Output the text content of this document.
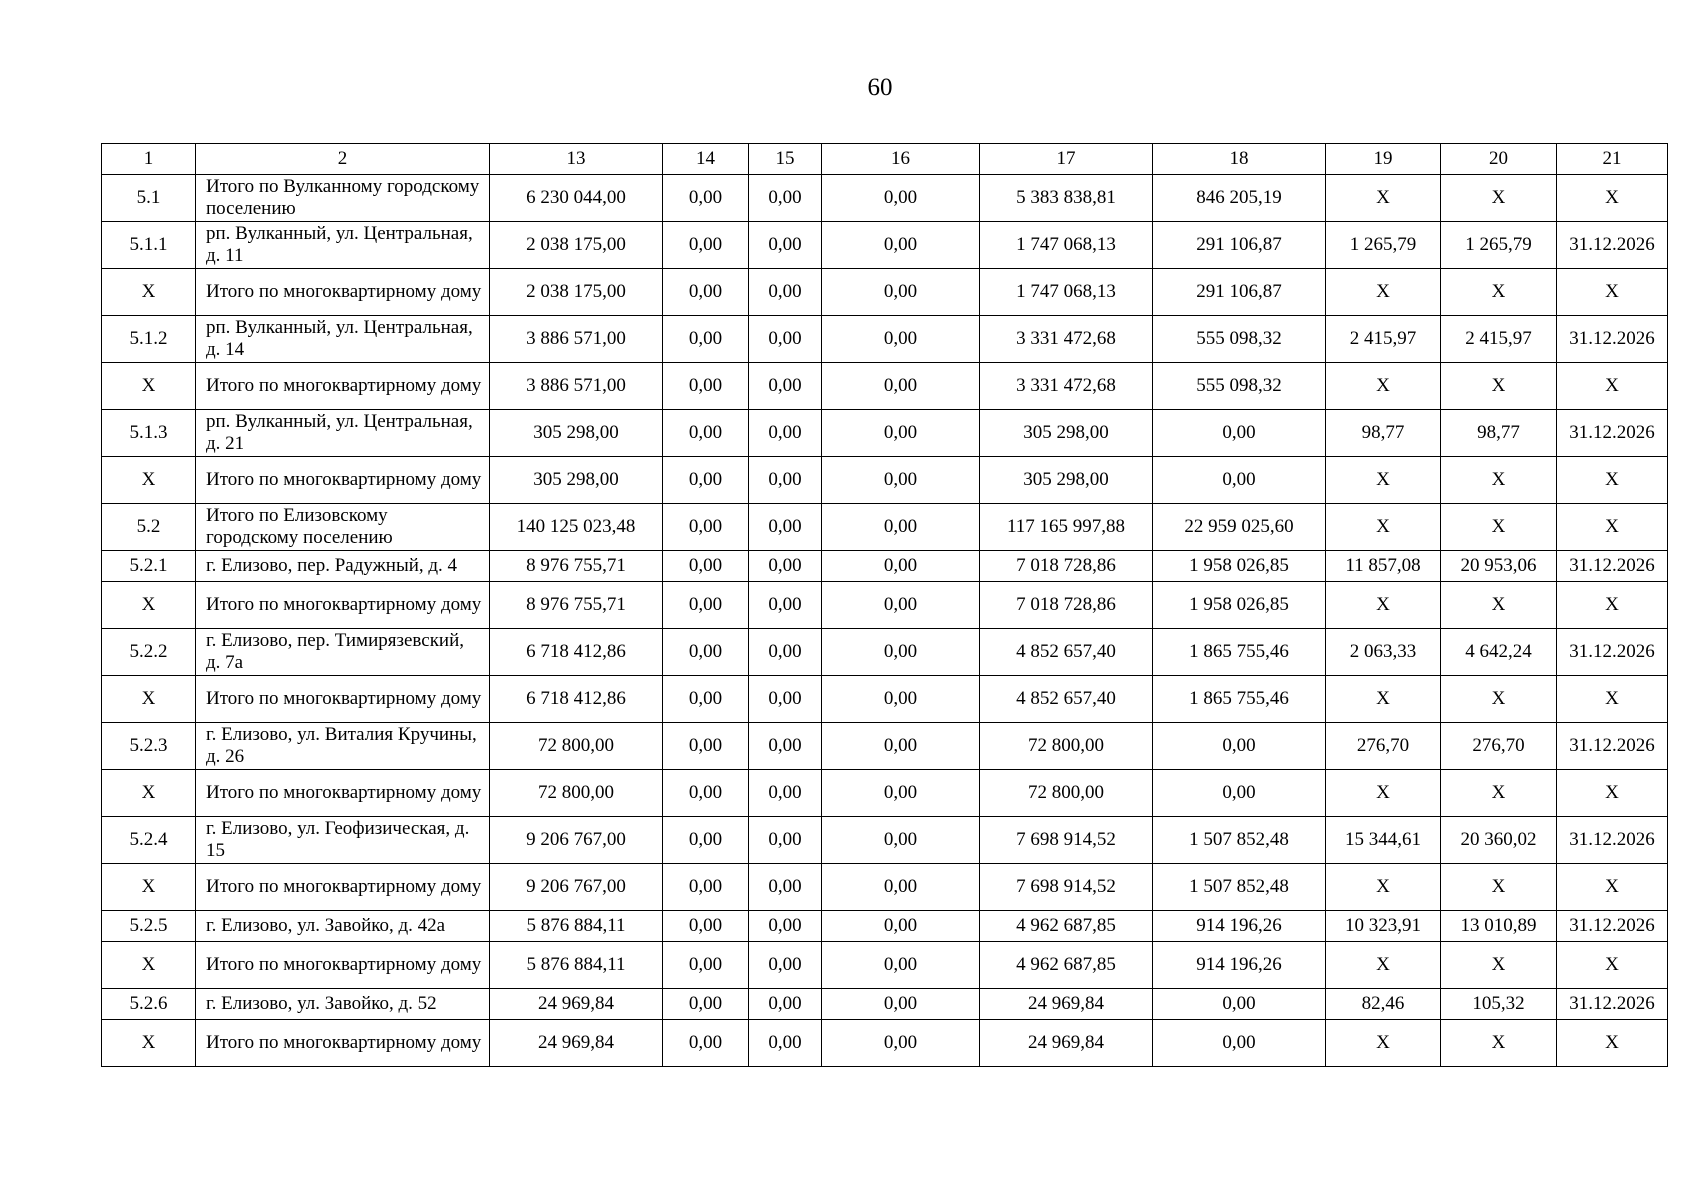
60
1	2	13	14	15	16	17	18	19	20	21
5.1	Итого по Вулканному городскому поселению	6 230 044,00	0,00	0,00	0,00	5 383 838,81	846 205,19	Х	Х	Х
5.1.1	рп. Вулканный, ул. Центральная, д. 11	2 038 175,00	0,00	0,00	0,00	1 747 068,13	291 106,87	1 265,79	1 265,79	31.12.2026
Х	Итого по многоквартирному дому	2 038 175,00	0,00	0,00	0,00	1 747 068,13	291 106,87	Х	Х	Х
5.1.2	рп. Вулканный, ул. Центральная, д. 14	3 886 571,00	0,00	0,00	0,00	3 331 472,68	555 098,32	2 415,97	2 415,97	31.12.2026
Х	Итого по многоквартирному дому	3 886 571,00	0,00	0,00	0,00	3 331 472,68	555 098,32	Х	Х	Х
5.1.3	рп. Вулканный, ул. Центральная, д. 21	305 298,00	0,00	0,00	0,00	305 298,00	0,00	98,77	98,77	31.12.2026
Х	Итого по многоквартирному дому	305 298,00	0,00	0,00	0,00	305 298,00	0,00	Х	Х	Х
5.2	Итого по Елизовскому городскому поселению	140 125 023,48	0,00	0,00	0,00	117 165 997,88	22 959 025,60	Х	Х	Х
5.2.1	г. Елизово, пер. Радужный, д. 4	8 976 755,71	0,00	0,00	0,00	7 018 728,86	1 958 026,85	11 857,08	20 953,06	31.12.2026
Х	Итого по многоквартирному дому	8 976 755,71	0,00	0,00	0,00	7 018 728,86	1 958 026,85	Х	Х	Х
5.2.2	г. Елизово, пер. Тимирязевский, д. 7а	6 718 412,86	0,00	0,00	0,00	4 852 657,40	1 865 755,46	2 063,33	4 642,24	31.12.2026
Х	Итого по многоквартирному дому	6 718 412,86	0,00	0,00	0,00	4 852 657,40	1 865 755,46	Х	Х	Х
5.2.3	г. Елизово, ул. Виталия Кручины, д. 26	72 800,00	0,00	0,00	0,00	72 800,00	0,00	276,70	276,70	31.12.2026
Х	Итого по многоквартирному дому	72 800,00	0,00	0,00	0,00	72 800,00	0,00	Х	Х	Х
5.2.4	г. Елизово, ул. Геофизическая, д. 15	9 206 767,00	0,00	0,00	0,00	7 698 914,52	1 507 852,48	15 344,61	20 360,02	31.12.2026
Х	Итого по многоквартирному дому	9 206 767,00	0,00	0,00	0,00	7 698 914,52	1 507 852,48	Х	Х	Х
5.2.5	г. Елизово, ул. Завойко, д. 42а	5 876 884,11	0,00	0,00	0,00	4 962 687,85	914 196,26	10 323,91	13 010,89	31.12.2026
Х	Итого по многоквартирному дому	5 876 884,11	0,00	0,00	0,00	4 962 687,85	914 196,26	Х	Х	Х
5.2.6	г. Елизово, ул. Завойко, д. 52	24 969,84	0,00	0,00	0,00	24 969,84	0,00	82,46	105,32	31.12.2026
Х	Итого по многоквартирному дому	24 969,84	0,00	0,00	0,00	24 969,84	0,00	Х	Х	Х
